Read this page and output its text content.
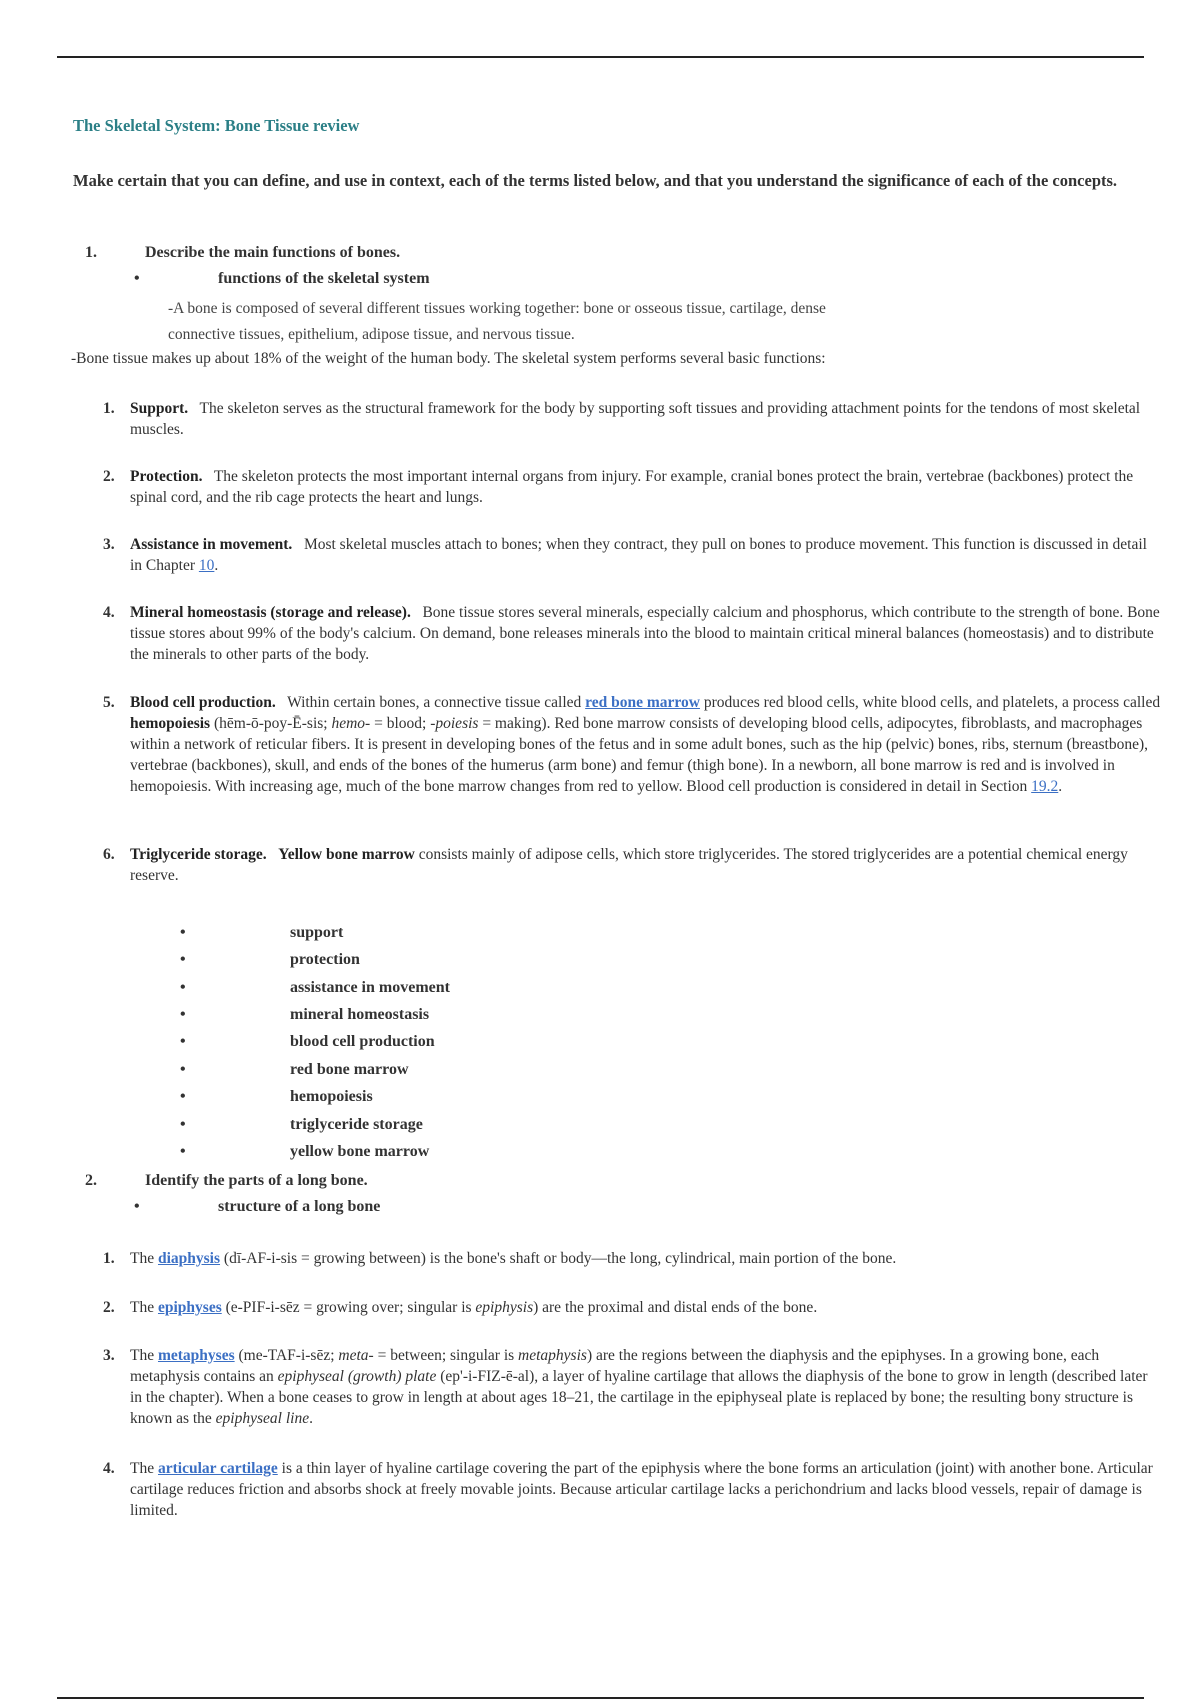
The Skeletal System: Bone Tissue review
Make certain that you can define, and use in context, each of the terms listed below, and that you understand the significance of each of the concepts.
1.	Describe the main functions of bones.
•	functions of the skeletal system
-A bone is composed of several different tissues working together: bone or osseous tissue, cartilage, dense
connective tissues, epithelium, adipose tissue, and nervous tissue.
-Bone tissue makes up about 18% of the weight of the human body. The skeletal system performs several basic functions:
1. Support. The skeleton serves as the structural framework for the body by supporting soft tissues and providing attachment points for the tendons of most skeletal muscles.
2. Protection. The skeleton protects the most important internal organs from injury. For example, cranial bones protect the brain, vertebrae (backbones) protect the spinal cord, and the rib cage protects the heart and lungs.
3. Assistance in movement. Most skeletal muscles attach to bones; when they contract, they pull on bones to produce movement. This function is discussed in detail in Chapter 10.
4. Mineral homeostasis (storage and release). Bone tissue stores several minerals, especially calcium and phosphorus, which contribute to the strength of bone. Bone tissue stores about 99% of the body's calcium. On demand, bone releases minerals into the blood to maintain critical mineral balances (homeostasis) and to distribute the minerals to other parts of the body.
5. Blood cell production. Within certain bones, a connective tissue called red bone marrow produces red blood cells, white blood cells, and platelets, a process called hemopoiesis (hēm-ō-poy-Ē-sis; hemo- = blood; -poiesis = making). Red bone marrow consists of developing blood cells, adipocytes, fibroblasts, and macrophages within a network of reticular fibers. It is present in developing bones of the fetus and in some adult bones, such as the hip (pelvic) bones, ribs, sternum (breastbone), vertebrae (backbones), skull, and ends of the bones of the humerus (arm bone) and femur (thigh bone). In a newborn, all bone marrow is red and is involved in hemopoiesis. With increasing age, much of the bone marrow changes from red to yellow. Blood cell production is considered in detail in Section 19.2.
6. Triglyceride storage. Yellow bone marrow consists mainly of adipose cells, which store triglycerides. The stored triglycerides are a potential chemical energy reserve.
•	support
•	protection
•	assistance in movement
•	mineral homeostasis
•	blood cell production
•	red bone marrow
•	hemopoiesis
•	triglyceride storage
•	yellow bone marrow
2.	Identify the parts of a long bone.
•	structure of a long bone
1. The diaphysis (dī-AF-i-sis = growing between) is the bone's shaft or body—the long, cylindrical, main portion of the bone.
2. The epiphyses (e-PIF-i-sēz = growing over; singular is epiphysis) are the proximal and distal ends of the bone.
3. The metaphyses (me-TAF-i-sēz; meta- = between; singular is metaphysis) are the regions between the diaphysis and the epiphyses. In a growing bone, each metaphysis contains an epiphyseal (growth) plate (ep'-i-FIZ-ē-al), a layer of hyaline cartilage that allows the diaphysis of the bone to grow in length (described later in the chapter). When a bone ceases to grow in length at about ages 18–21, the cartilage in the epiphyseal plate is replaced by bone; the resulting bony structure is known as the epiphyseal line.
4. The articular cartilage is a thin layer of hyaline cartilage covering the part of the epiphysis where the bone forms an articulation (joint) with another bone. Articular cartilage reduces friction and absorbs shock at freely movable joints. Because articular cartilage lacks a perichondrium and lacks blood vessels, repair of damage is limited.
